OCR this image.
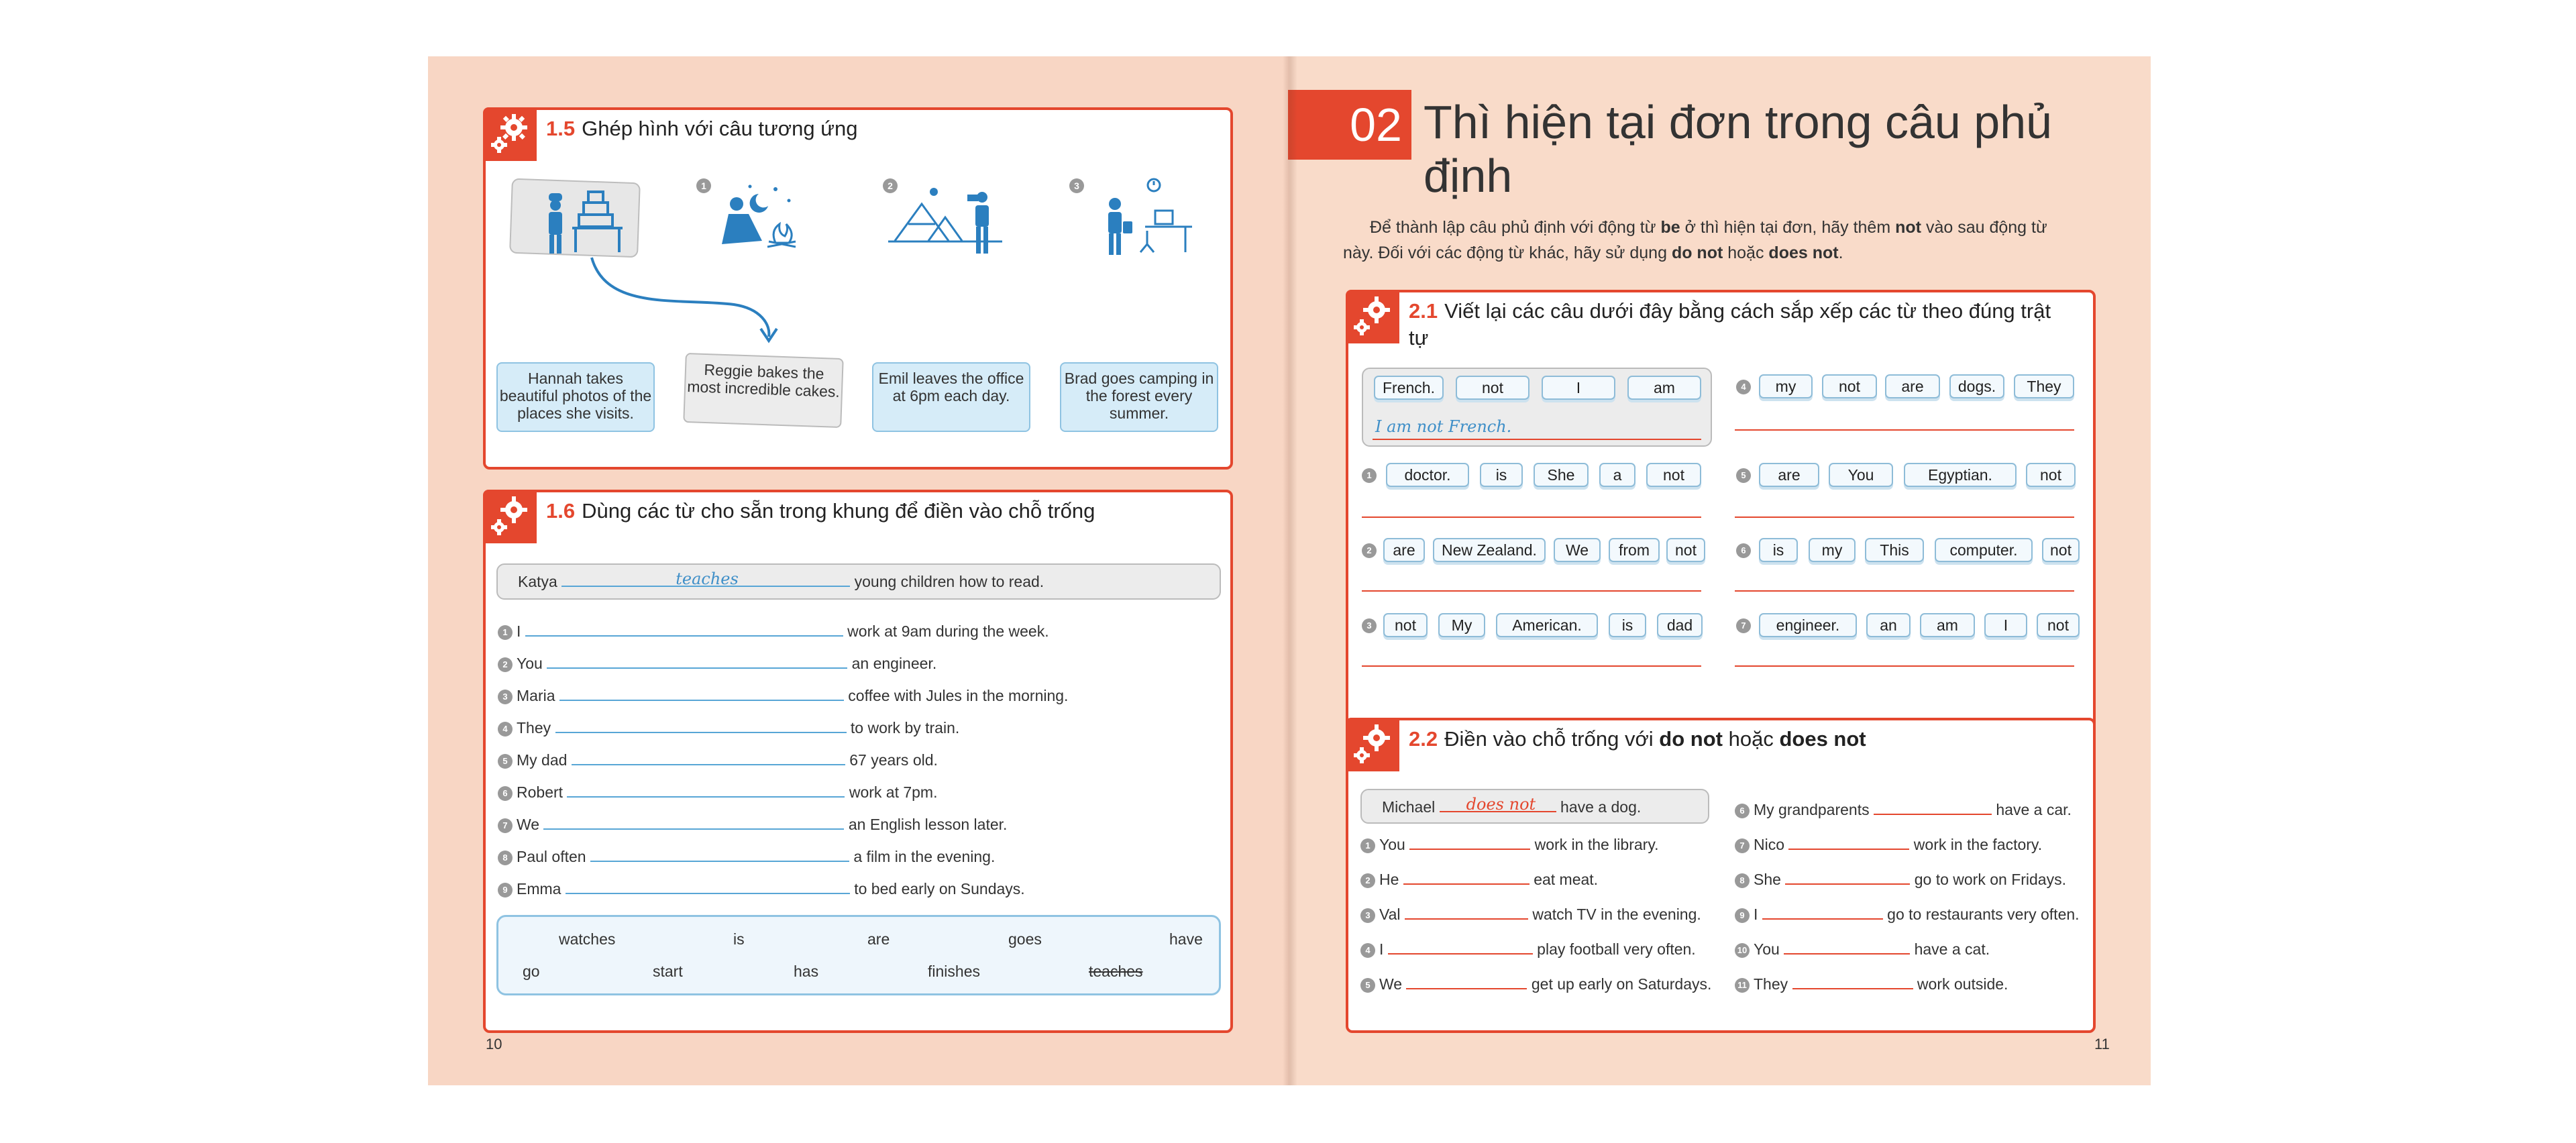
1.5 Ghép hình với câu tương ứng
1	2	3
Hannah takes beautiful photos of the places she visits.
Reggie bakes the most incredible cakes.	Emil leaves the office at 6pm each day.
Brad goes camping in the forest every summer.
1.6 Dùng các từ cho sẵn trong khung để điền vào chỗ trống
Katya	teaches	young children how to read.
1 I	work at 9am during the week.
2 You	an engineer.
3 Maria	coffee with Jules in the morning.
4 They	to work by train.
5 My dad	67 years old.
6 Robert	work at 7pm.
7 We	an English lesson later.
8 Paul often	a film in the evening.
9 Emma	to bed early on Sundays.
watches	is	are	goes	have
go	start	has	finishes	teaches
10
02 Thì hiện tại đơn trong câu phủ
định
Để thành lập câu phủ định với động từ be ở thì hiện tại đơn, hãy thêm not vào sau động từ
này. Đối với các động từ khác, hãy sử dụng do not hoặc does not.
2.1 Viết lại các câu dưới đây bằng cách sắp xếp các từ theo đúng trật
tự
French.	not	I	am
I am not French.
1	doctor.	is	She	a	not
2	are	New Zealand.	We	from	not
3	not	My	American.	is	dad
4	my	not	are	dogs.	They
5	are	You	Egyptian.	not
6	is	my	This	computer.	not
7	engineer.	an	am	I	not
2.2 Điền vào chỗ trống với do not hoặc does not
Michael does not have a dog.
1 You	work in the library.
2 He	eat meat.
3 Val	watch TV in the evening.
4 I	play football very often.
5 We	get up early on Saturdays.
6 My grandparents	have a car.
7 Nico	work in the factory.
8 She	go to work on Fridays.
9 I	go to restaurants very often.
10 You	have a cat.
11 They	work outside.
11
